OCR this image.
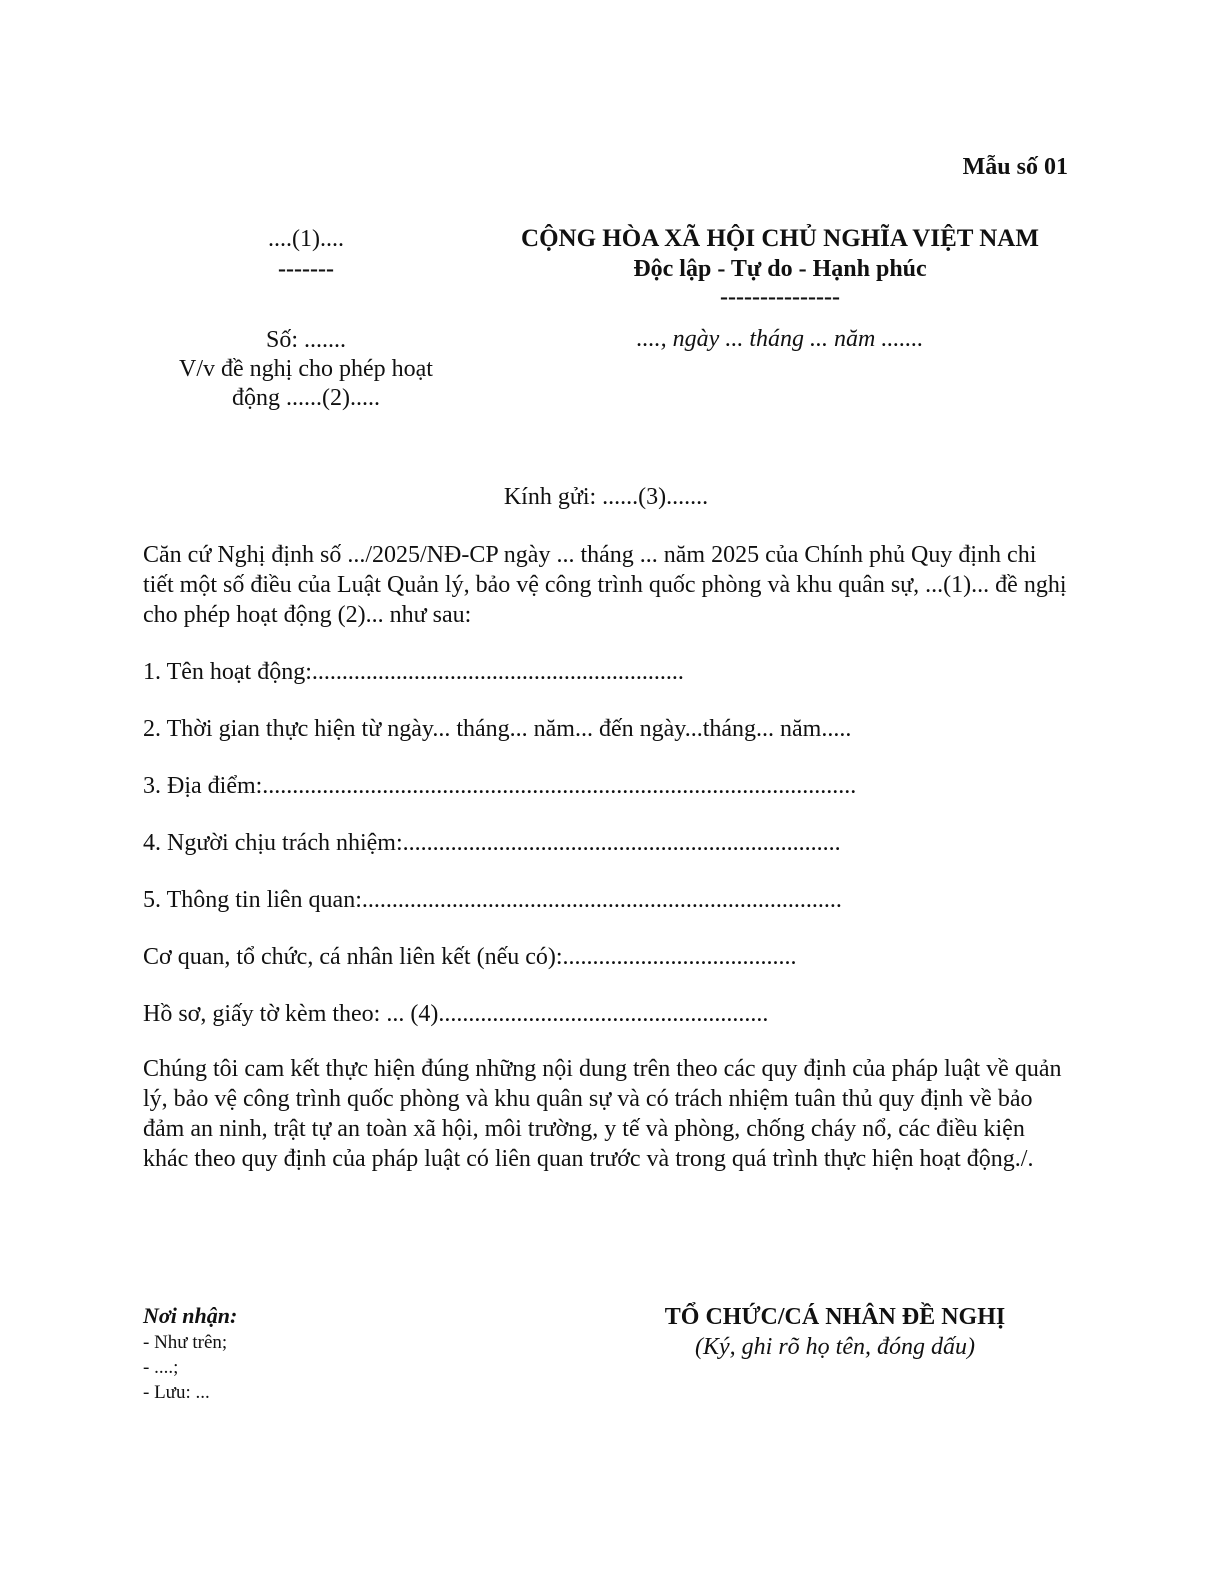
Mẫu số 01
....(1)....
-------
CỘNG HÒA XÃ HỘI CHỦ NGHĨA VIỆT NAM
Độc lập - Tự do - Hạnh phúc
---------------
Số: .......
V/v đề nghị cho phép hoạt
động ......(2).....
...., ngày ... tháng ... năm .......
Kính gửi: ......(3).......

Căn cứ Nghị định số .../2025/NĐ-CP ngày ... tháng ... năm 2025 của Chính phủ Quy định chi tiết một số điều của Luật Quản lý, bảo vệ công trình quốc phòng và khu quân sự, ...(1)... đề nghị cho phép hoạt động (2)... như sau:

1. Tên hoạt động:..............................................................

2. Thời gian thực hiện từ ngày... tháng... năm... đến ngày...tháng... năm.....

3. Địa điểm:...................................................................................................

4. Người chịu trách nhiệm:.........................................................................

5. Thông tin liên quan:................................................................................

Cơ quan, tổ chức, cá nhân liên kết (nếu có):.......................................

Hồ sơ, giấy tờ kèm theo: ... (4).......................................................

Chúng tôi cam kết thực hiện đúng những nội dung trên theo các quy định của pháp luật về quản lý, bảo vệ công trình quốc phòng và khu quân sự và có trách nhiệm tuân thủ quy định về bảo đảm an ninh, trật tự an toàn xã hội, môi trường, y tế và phòng, chống cháy nổ, các điều kiện khác theo quy định của pháp luật có liên quan trước và trong quá trình thực hiện hoạt động./.

Nơi nhận:
- Như trên;
- ....;
- Lưu: ...
TỔ CHỨC/CÁ NHÂN ĐỀ NGHỊ
(Ký, ghi rõ họ tên, đóng dấu)
